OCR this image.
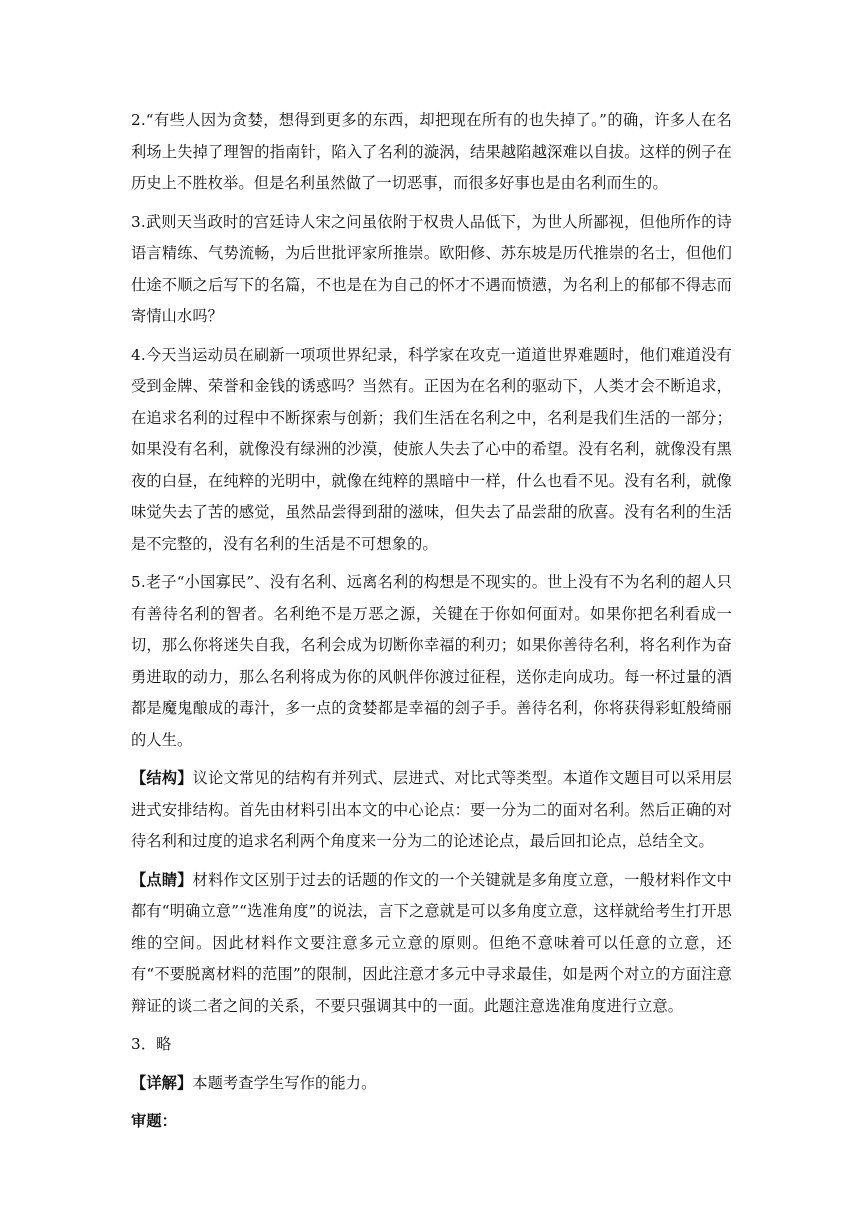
2.“有些人因为贪婪，想得到更多的东西，却把现在所有的也失掉了。”的确，许多人在名利场上失掉了理智的指南针，陷入了名利的漩涡，结果越陷越深难以自拔。这样的例子在历史上不胜枚举。但是名利虽然做了一切恶事，而很多好事也是由名利而生的。

3.武则天当政时的宫廷诗人宋之问虽依附于权贵人品低下，为世人所鄙视，但他所作的诗语言精练、气势流畅，为后世批评家所推崇。欧阳修、苏东坡是历代推崇的名士，但他们仕途不顺之后写下的名篇，不也是在为自己的怀才不遇而愤懑，为名利上的郁郁不得志而寄情山水吗？

4.今天当运动员在刷新一项项世界纪录，科学家在攻克一道道世界难题时，他们难道没有受到金牌、荣誉和金钱的诱惑吗？当然有。正因为在名利的驱动下，人类才会不断追求，在追求名利的过程中不断探索与创新；我们生活在名利之中，名利是我们生活的一部分；如果没有名利，就像没有绿洲的沙漠，使旅人失去了心中的希望。没有名利，就像没有黑夜的白昼，在纯粹的光明中，就像在纯粹的黑暗中一样，什么也看不见。没有名利，就像味觉失去了苦的感觉，虽然品尝得到甜的滋味，但失去了品尝甜的欣喜。没有名利的生活是不完整的，没有名利的生活是不可想象的。

5.老子“小国寡民”、没有名利、远离名利的构想是不现实的。世上没有不为名利的超人只有善待名利的智者。名利绝不是万恶之源，关键在于你如何面对。如果你把名利看成一切，那么你将迷失自我，名利会成为切断你幸福的利刃；如果你善待名利，将名利作为奋勇进取的动力，那么名利将成为你的风帆伴你渡过征程，送你走向成功。每一杯过量的酒都是魔鬼酿成的毒汁，多一点的贪婪都是幸福的刽子手。善待名利，你将获得彩虹般绮丽的人生。

【结构】议论文常见的结构有并列式、层进式、对比式等类型。本道作文题目可以采用层进式安排结构。首先由材料引出本文的中心论点：要一分为二的面对名利。然后正确的对待名利和过度的追求名利两个角度来一分为二的论述论点，最后回扣论点，总结全文。

【点睛】材料作文区别于过去的话题的作文的一个关键就是多角度立意，一般材料作文中都有“明确立意”“选准角度”的说法，言下之意就是可以多角度立意，这样就给考生打开思维的空间。因此材料作文要注意多元立意的原则。但绝不意味着可以任意的立意，还有“不要脱离材料的范围”的限制，因此注意才多元中寻求最佳，如是两个对立的方面注意辩证的谈二者之间的关系，不要只强调其中的一面。此题注意选准角度进行立意。

3．略

【详解】本题考查学生写作的能力。

审题：
